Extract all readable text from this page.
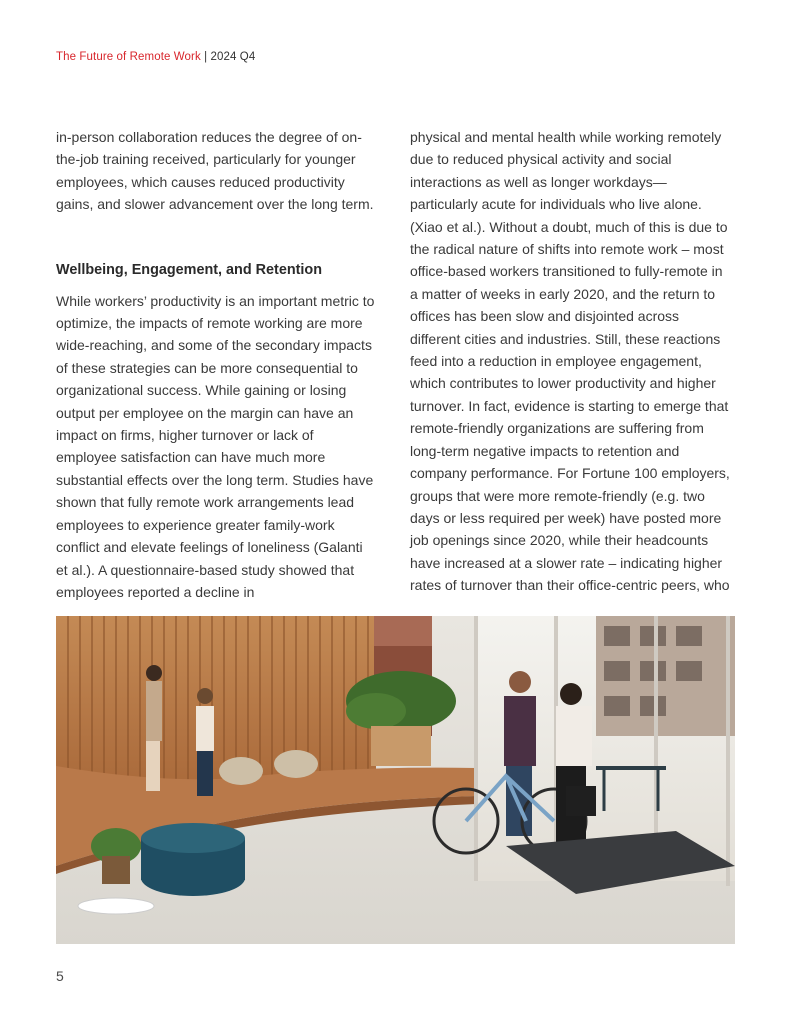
The Future of Remote Work | 2024 Q4

in-person collaboration reduces the degree of on-the-job training received, particularly for younger employees, which causes reduced productivity gains, and slower advancement over the long term.

Wellbeing, Engagement, and Retention

While workers’ productivity is an important metric to optimize, the impacts of remote working are more wide-reaching, and some of the secondary impacts of these strategies can be more consequential to organizational success. While gaining or losing output per employee on the margin can have an impact on firms, higher turnover or lack of employee satisfaction can have much more substantial effects over the long term. Studies have shown that fully remote work arrangements lead employees to experience greater family-work conflict and elevate feelings of loneliness (Galanti et al.). A questionnaire-based study showed that employees reported a decline in

physical and mental health while working remotely due to reduced physical activity and social interactions as well as longer workdays—particularly acute for individuals who live alone. (Xiao et al.). Without a doubt, much of this is due to the radical nature of shifts into remote work – most office-based workers transitioned to fully-remote in a matter of weeks in early 2020, and the return to offices has been slow and disjointed across different cities and industries. Still, these reactions feed into a reduction in employee engagement, which contributes to lower productivity and higher turnover. In fact, evidence is starting to emerge that remote-friendly organizations are suffering from long-term negative impacts to retention and company performance. For Fortune 100 employers, groups that were more remote-friendly (e.g. two days or less required per week) have posted more job openings since 2020, while their headcounts have increased at a slower rate – indicating higher rates of turnover than their office-centric peers, who

5
